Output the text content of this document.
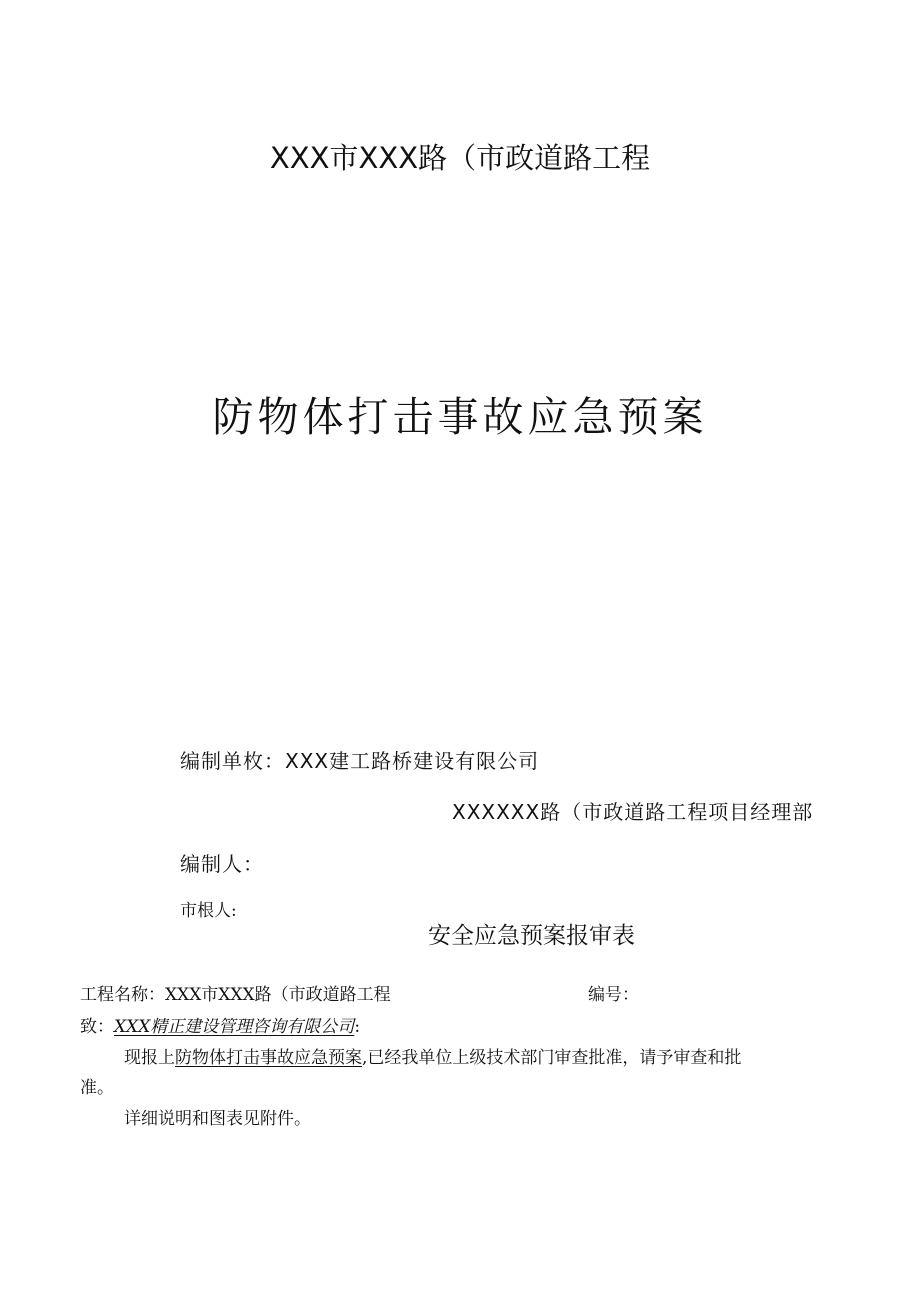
XXX市XXX路（市政道路工程
防物体打击事故应急预案
编制单枚：XXX建工路桥建设有限公司
XXXXXX路（市政道路工程项目经理部
编制人：
市根人:
安全应急预案报审表
工程名称：XXX市XXX路（市政道路工程	编号：
致：XXX精正建设管理咨询有限公司:
现报上防物体打击事故应急预案,已经我单位上级技术部门审查批准，请予审查和批
准。
详细说明和图表见附件。
